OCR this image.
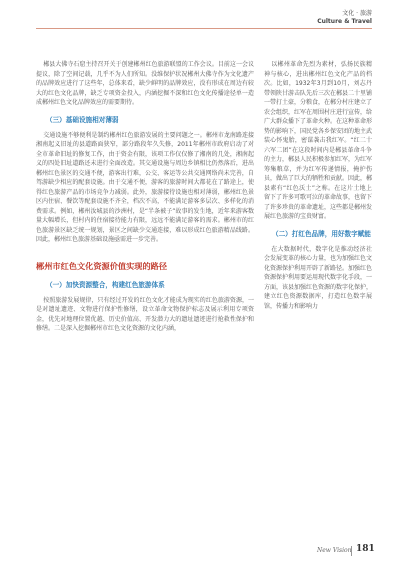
文化 · 旅游
Culture & Travel

郴县大佛寺石窟主持召开关于创建郴州红色旅游联盟的工作会议。目前这一会议提议，除了空间记载，几乎不为人们所知。没维保护状况郴州大佛寺作为文化遗产的品牌效应进行了这些年，总体来看，缺少鲜明的品牌效应，没有形成在周边有较大的红色文化品牌，缺乏专项资金投入，内涵挖掘不深和红色文化传播途径单一造成郴州红色文化品牌效应的需要期待。

（三）基础设施相对薄弱

交通设施不够便利是制约郴州红色旅游发展的主要问题之一。郴州市龙南路连接湘南起义旧址的县道路面狭窄，部分路段年久失修，2011年郴州市政府启动了对全市革命旧址的修复工作，由于资金有限，该项工作仅仅修了湘南的几处，湘南起义的四处旧址道路还未进行全面改造。其交通设施与周边乡镇相比仍然落后，进出郴州红色景区的交通不便，游客出行难，公交、客运等公共交通网络尚未完善，自驾游缺少相应的配套设施。由于交通不便，游客的旅游时间大都花在了路途上，使得红色旅游产品的市场竞争力减弱。此外，旅游接待设施也相对薄弱，郴州红色景区内住宿、餐饮等配套设施不齐全，档次不高，不能满足游客多层次、多样化的消费需求。例如，郴州汝城县的沙洲村，是“半条被子”故事的发生地，近年来游客数量大幅增长，但村内的住宿接待能力有限，远远不能满足游客的需求。郴州市的红色旅游景区缺乏统一规划，景区之间缺少交通连接，难以形成红色旅游精品线路。因此，郴州红色旅游基础设施亟需进一步完善。

郴州市红色文化资源价值实现的路径
（一）加快资源整合，构建红色旅游体系

按照旅游发展规律，只有经过开发的红色文化才能成为现实的红色旅游资源，一是对遗址遗迹、文物进行保护性修缮，设立革命文物保护标志及展示利用专项资金，优先对地理位置优越、历史价值高、开发潜力大的遗址遗迹进行抢救性保护和修缮。二是深入挖掘郴州市红色文化资源的文化内涵，

以郴州革命先烈为素材，弘扬民族精神与核心，进出郴州红色文化产品的档次。比如，1932年3月到10月，刘志丹带领陕甘游击队先后三次在郴县二十里铺一带打土豪，分粮食，在郴分村庄建立了农会组织，红军在周围村庄进行宣传，给广大群众播下了革命火种。在这种革命形势的影响下，国民党各乡保安团的地主武装心怀鬼胎，密谋袭击我红军。“红二十六军二团”在这段时间内是郴县革命斗争的主力，郴县人民积极参加红军，为红军筹集粮草，并为红军传递情报，掩护伤员，做出了巨大的牺牲和贡献。因此，郴县素有“红色沃土”之称。在这片土地上留下了许多可歌可泣的革命故事，也留下了许多珍贵的革命遗址，这些都是郴州发展红色旅游的宝贵财富。

（二）打红色品牌，用好数字赋能

在大数据时代，数字化是推动经济社会发展变革的核心力量，也为加强红色文化资源保护利用开辟了新路径。加强红色资源保护利用要运用现代数字化手段，一方面，该县加强红色资源的数字化保护，建立红色资源数据库，打造红色数字展馆，传播力和影响力

New Vision 181
